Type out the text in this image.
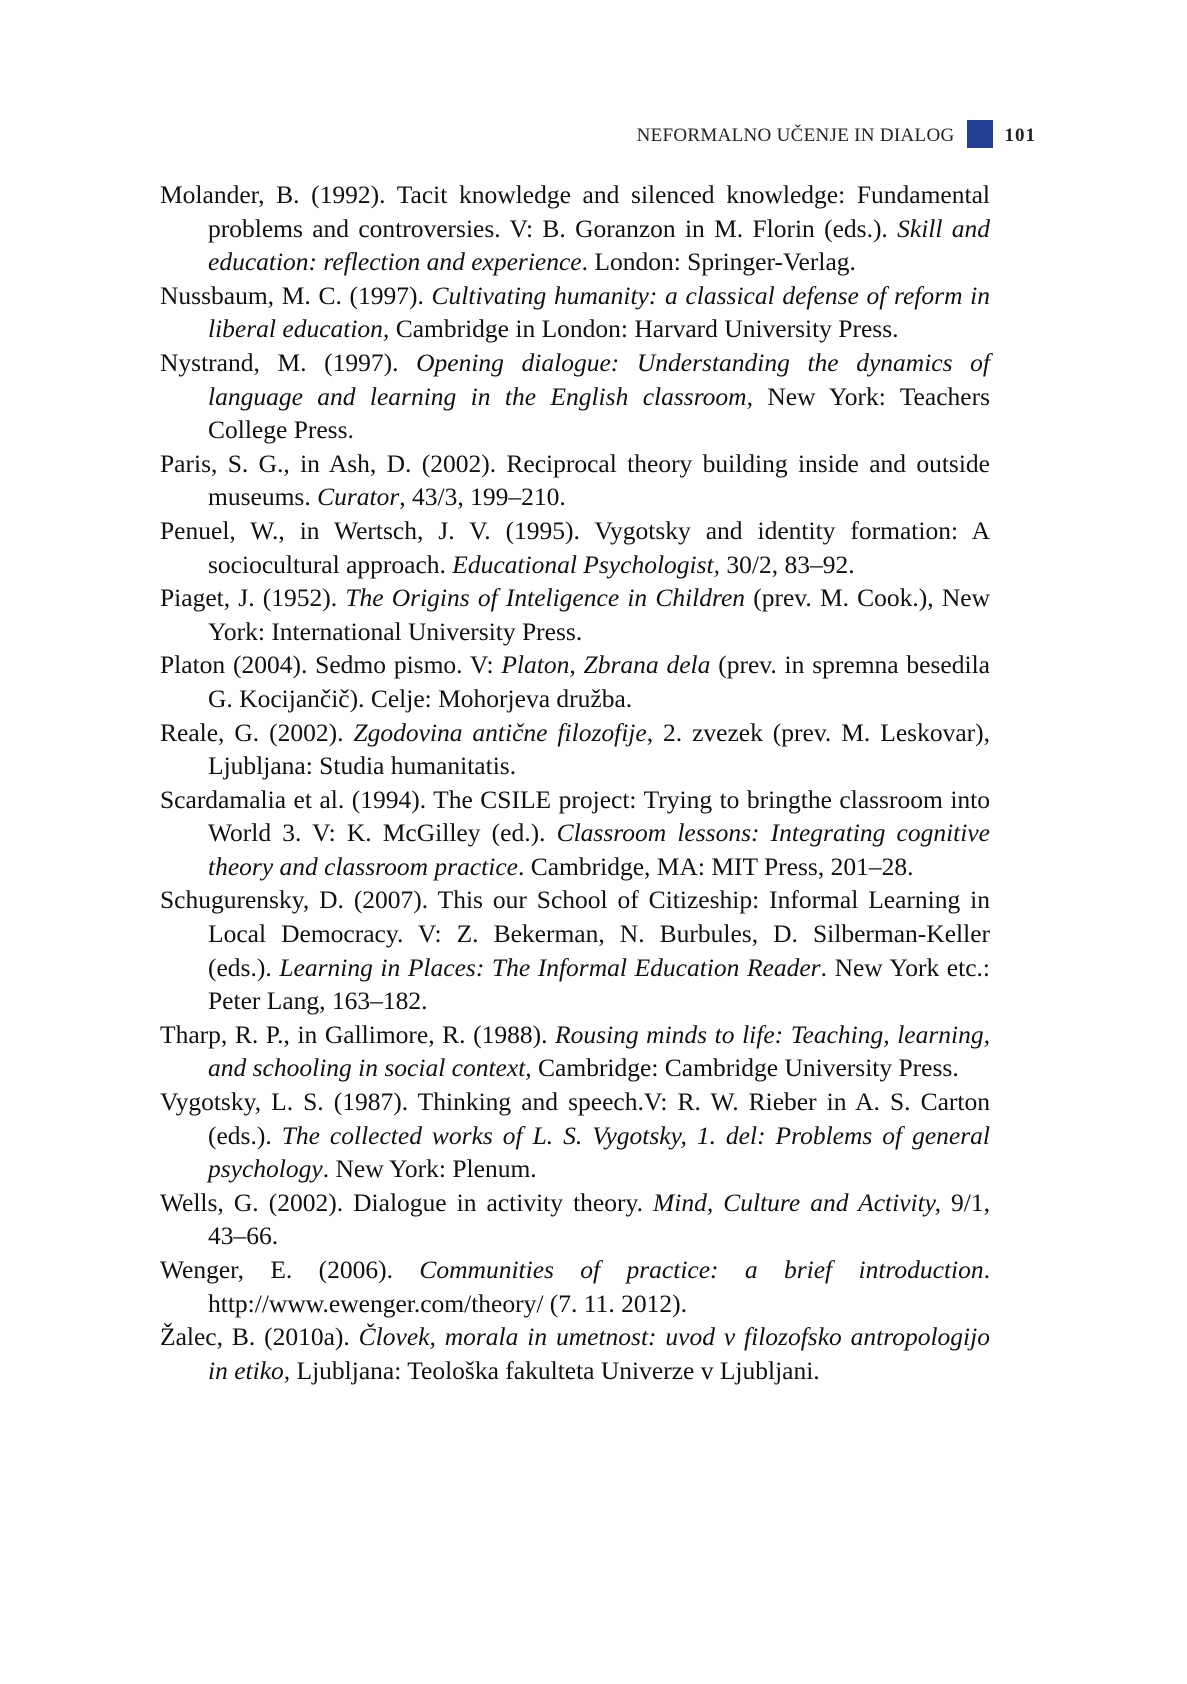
NEFORMALNO UČENJE IN DIALOG	101

Molander, B. (1992). Tacit knowledge and silenced knowledge: Fundamental problems and controversies. V: B. Goranzon in M. Florin (eds.). Skill and education: reflection and experience. London: Springer-Verlag.

Nussbaum, M. C. (1997). Cultivating humanity: a classical defense of reform in liberal education, Cambridge in London: Harvard University Press.

Nystrand, M. (1997). Opening dialogue: Understanding the dynamics of language and learning in the English classroom, New York: Teachers College Press.

Paris, S. G., in Ash, D. (2002). Reciprocal theory building inside and outside museums. Curator, 43/3, 199–210.

Penuel, W., in Wertsch, J. V. (1995). Vygotsky and identity formation: A sociocultural approach. Educational Psychologist, 30/2, 83–92.

Piaget, J. (1952). The Origins of Inteligence in Children (prev. M. Cook.), New York: International University Press.

Platon (2004). Sedmo pismo. V: Platon, Zbrana dela (prev. in spremna besedila G. Kocijančič). Celje: Mohorjeva družba.

Reale, G. (2002). Zgodovina antične filozofije, 2. zvezek (prev. M. Leskovar), Ljubljana: Studia humanitatis.

Scardamalia et al. (1994). The CSILE project: Trying to bringthe classroom into World 3. V: K. McGilley (ed.). Classroom lessons: Integrating cognitive theory and classroom practice. Cambridge, MA: MIT Press, 201–28.

Schugurensky, D. (2007). This our School of Citizeship: Informal Learning in Local Democracy. V: Z. Bekerman, N. Burbules, D. Silberman-Keller (eds.). Learning in Places: The Informal Education Reader. New York etc.: Peter Lang, 163–182.

Tharp, R. P., in Gallimore, R. (1988). Rousing minds to life: Teaching, learning, and schooling in social context, Cambridge: Cambridge University Press.

Vygotsky, L. S. (1987). Thinking and speech.V: R. W. Rieber in A. S. Carton (eds.). The collected works of L. S. Vygotsky, 1. del: Problems of general psychology. New York: Plenum.

Wells, G. (2002). Dialogue in activity theory. Mind, Culture and Activity, 9/1, 43–66.

Wenger, E. (2006). Communities of practice: a brief introduction. http://www.ewenger.com/theory/ (7. 11. 2012).

Žalec, B. (2010a). Človek, morala in umetnost: uvod v filozofsko antropologijo in etiko, Ljubljana: Teološka fakulteta Univerze v Ljubljani.
